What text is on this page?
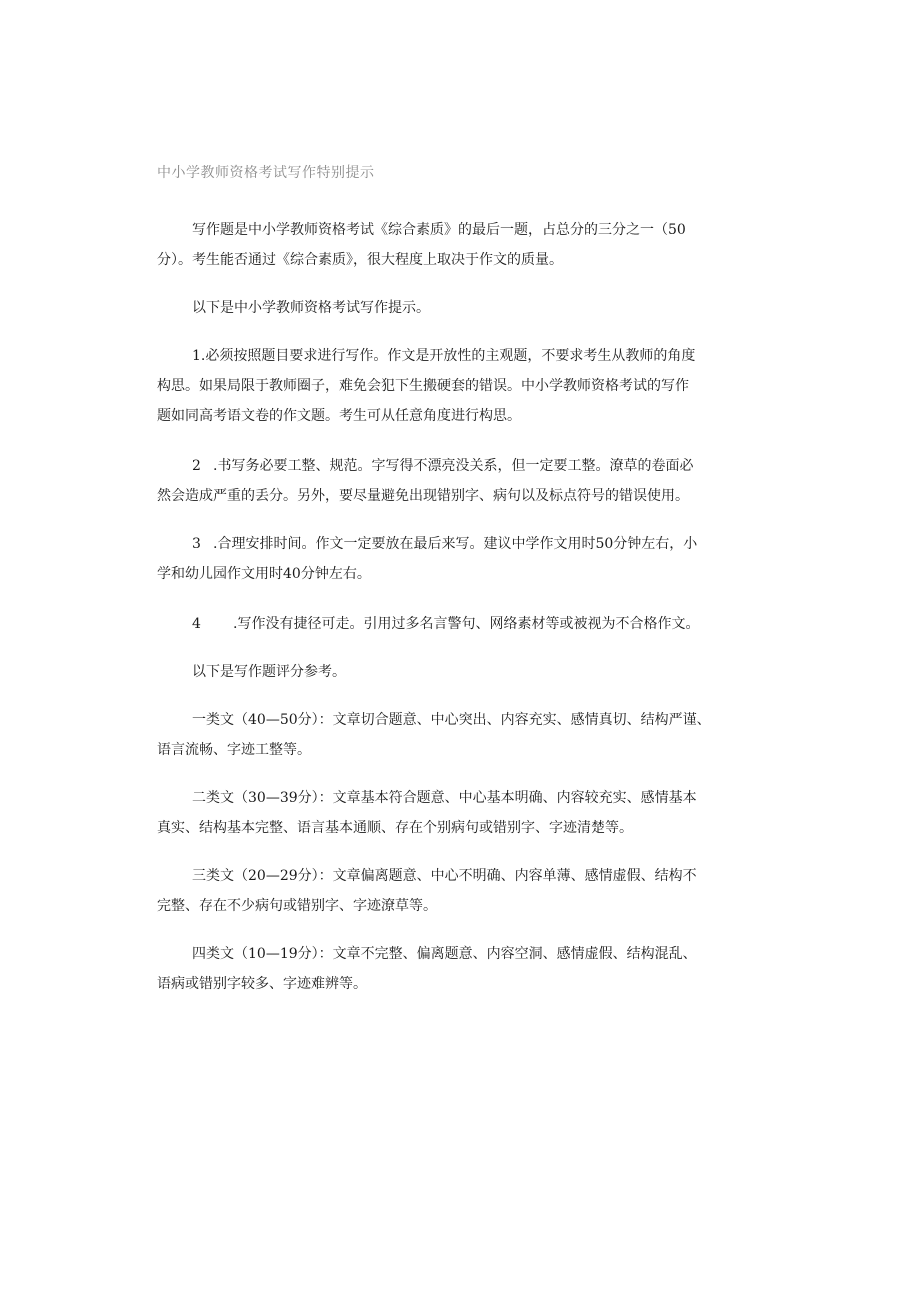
中小学教师资格考试写作特别提示
写作题是中小学教师资格考试《综合素质》的最后一题，占总分的三分之一（50
分）。考生能否通过《综合素质》，很大程度上取决于作文的质量。
以下是中小学教师资格考试写作提示。
1.必须按照题目要求进行写作。作文是开放性的主观题，不要求考生从教师的角度
构思。如果局限于教师圈子，难免会犯下生搬硬套的错误。中小学教师资格考试的写作
题如同高考语文卷的作文题。考生可从任意角度进行构思。
2 .书写务必要工整、规范。字写得不漂亮没关系，但一定要工整。潦草的卷面必
然会造成严重的丢分。另外，要尽量避免出现错别字、病句以及标点符号的错误使用。
3 .合理安排时间。作文一定要放在最后来写。建议中学作文用时50分钟左右，小
学和幼儿园作文用时40分钟左右。
4 .写作没有捷径可走。引用过多名言警句、网络素材等或被视为不合格作文。
以下是写作题评分参考。
一类文（40—50分）：文章切合题意、中心突出、内容充实、感情真切、结构严谨、
语言流畅、字迹工整等。
二类文（30—39分）：文章基本符合题意、中心基本明确、内容较充实、感情基本
真实、结构基本完整、语言基本通顺、存在个别病句或错别字、字迹清楚等。
三类文（20—29分）：文章偏离题意、中心不明确、内容单薄、感情虚假、结构不
完整、存在不少病句或错别字、字迹潦草等。
四类文（10—19分）：文章不完整、偏离题意、内容空洞、感情虚假、结构混乱、
语病或错别字较多、字迹难辨等。
